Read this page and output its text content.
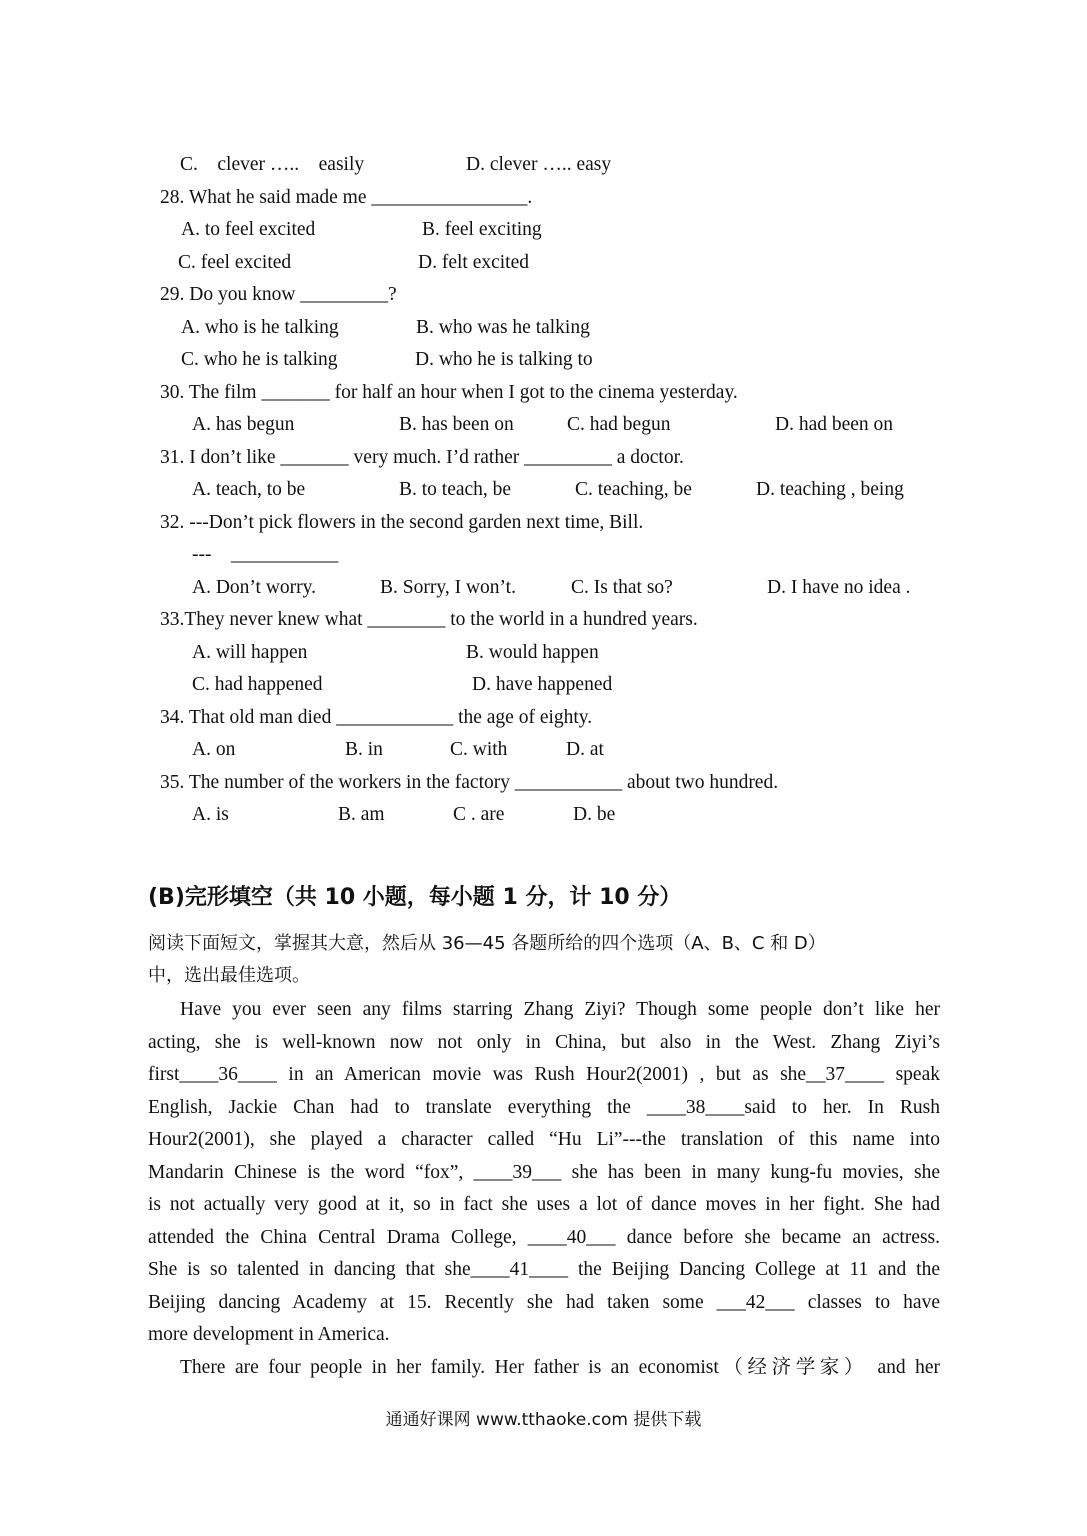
C.    clever …..    easily	D. clever ….. easy
28. What he said made me ________________.
A. to feel excited	B. feel exciting
C. feel excited	D. felt excited
29. Do you know _________?
A. who is he talking	B. who was he talking
C. who he is talking	D. who he is talking to
30. The film _______ for half an hour when I got to the cinema yesterday.
A. has begun	B. has been on	C. had begun	D. had been on
31. I don’t like _______ very much. I’d rather _________ a doctor.
A. teach, to be	B. to teach, be	C. teaching, be	D. teaching , being
32. ---Don’t pick flowers in the second garden next time, Bill.
---    ___________
A. Don’t worry.	B. Sorry, I won’t.	C. Is that so?	D. I have no idea .
33.They never knew what ________ to the world in a hundred years.
A. will happen	B. would happen
C. had happened	D. have happened
34. That old man died ____________ the age of eighty.
A. on	B. in	C. with	D. at
35. The number of the workers in the factory ___________ about two hundred.
A. is	B. am	C . are	D. be
(B)完形填空（共 10 小题，每小题 1 分，计 10 分）
阅读下面短文，掌握其大意，然后从 36—45 各题所给的四个选项（A、B、C 和 D）
中，选出最佳选项。
Have you ever seen any films starring Zhang Ziyi? Though some people don’t like her
acting, she is well-known now not only in China, but also in the West. Zhang Ziyi’s
first____36____ in an American movie was Rush Hour2(2001) , but as she__37____ speak
English, Jackie Chan had to translate everything the ____38____said to her. In Rush
Hour2(2001), she played a character called “Hu Li”---the translation of this name into
Mandarin Chinese is the word “fox”, ____39___ she has been in many kung-fu movies, she
is not actually very good at it, so in fact she uses a lot of dance moves in her fight. She had
attended the China Central Drama College, ____40___ dance before she became an actress.
She is so talented in dancing that she____41____ the Beijing Dancing College at 11 and the
Beijing dancing Academy at 15. Recently she had taken some ___42___ classes to have
more development in America.
There are four people in her family. Her father is an economist（经济学家） and her
通通好课网 www.tthaoke.com 提供下载
